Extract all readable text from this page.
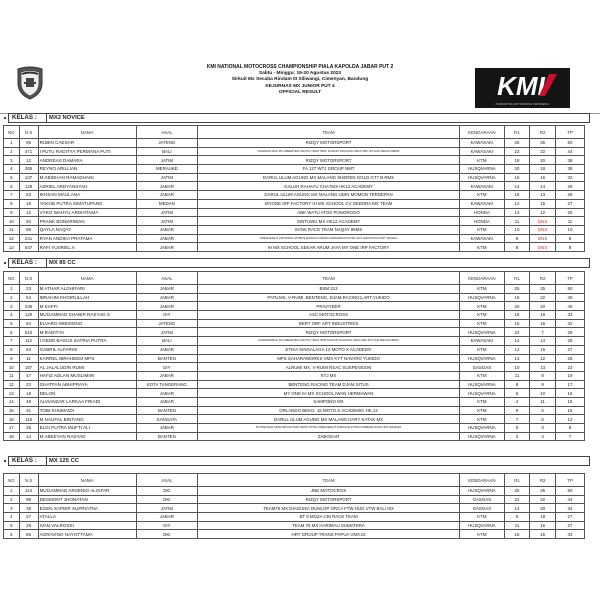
KMI NATIONAL MOTOCROSS CHAMPIONSHIP PIALA KAPOLDA JABAR PUT 2
Sabtu - Minggu: 19-20 Agustus 2023
Sirkuit Mx Secaba Rindam III Siliwangi, Cimenyan, Bandung
KEJURNAS MX JUNIOR PUT 4
OFFICIAL RESULT	KMI
KOMUNITAS MOTOCROSS INDONESIA
KELAS :	MX2 NOVICE
NO	N.S	NAMA	ASAL	TEAM	KENDARAAN	R1	R2	TP
1	86	RUBIN CAESAR	JATENG	RIZQY MOTORSPORT	KAWASAKI	25	25	50
2	471	I PUTU RADITYA PERMANA PUTI	BALI	KAWASAKI BALI MX GREENTECH MOTUL TEAM 76MX, DUNLOP DJAGUNG ORCA VMX JPX HUD MELON OBINK	KAWASAKI	22	22	44
3	12	ANDREAS DAMARA	JATIM	RIZQY MOTORSPORT	KTM	18	20	38
4	365	REYNO ARILLIAN	MERAUKE	FA 127 WTJ GROUP NMT	HUSQVARNA	20	18	38
5	137	M ABIDHAN RAMADHANI	JATIM	DARUL ULUM AGUNG MX MALANG SHEREN GOLD GT7 B RMX	HUSQVARNA	16	16	32
6	129	AZRIEL ARDYANSYAH	JABAR	GALUH RAHAYU CHA7MX HK12 ACADEMY	KAWASAKI	14	14	28
7	53	IKHSAN MAULANA	JABAR	DARUL ULUM AGUNG MX MALANG UDIN MOMON TERDEPAN	KTM	15	13	28
8	19	YAKOB PUTRA SIMATUPANG	MEDAN	MYONE IRP FACTORY IH MX SCHOOL CV DEBORA MX TEAM	KAWASAKI	12	15	27
9	12	VYKO WAHYU ARDHITAMA	JATIM	ABK WATU ATOS PONOROGO	HONDA	13	12	25
10	94	FRANK BONKRIWAN	JATIM	SINTUWU MX HK12 ACADEMY	HONDA	11	DNS	11
11	85	QAYLA NAQAY	JABAR	SVNX RACE TEAM NAQAY 85MX	KTM	10	DNS	10
12	241	RYAN ANDIKA PRATAMA	JABAR	ONESIXEIGHT 168 TRANS OTOBUS MONGGO KERSO NURHIKMAH PUTRA JAYA GROUP FACTORY RACING	KAWASAKI	9	DNS	9
13	547	RAFI YUSRIEL A	JABAR	IH MX SCHOOL SEKAR ARUM JAYA MY ONE IRP FACTORY	KTM	8	DNS	8
KELAS :	MX 85 CC
NO	N.S	NAMA	ASAL	TEAM	KENDARAAN	R1	R2	TP
1	23	M ATHAR ALGHIFARI	JABAR	BSM 313	KTM	25	25	50
2	54	IBRAHIM KHOIRULLAH	JABAR	PATILMX, V-RUMI, BENTENG, DJAM,RACING1,ART,YUKIDO	HUSQVARNA	18	22	40
3	235	M KAFFI	JABAR	PRIVATEER	KTM	20	20	40
4	120	MUGAMMAD SHABIR RASYAD S	DIY	ASC MOTOCROSS	KTM	15	18	33
5	84	ELVARO WIBISONO	JATENG	BKRT ORF ART INDUSTRIES	KTM	16	16	32
6	510	M RADITYA	JATIM	RIZQY MOTORSPORT	HUSQVARNA	22	7	29
7	112	I GEDE BAGUS SATRIA PUTRA	BALI	KAWASAKIBALI MX GREENTECH MOTUL TEAM 76MX DUNLOP DJAGUNG ORCA VMX JPX HUD MELON OBINK	KAWASAKI	14	14	28
8	64	GABRIL ALFARISI	JABAR	ETIKA SINGALAGA 12 MOTO X ACADEMY	KTM	12	15	27
9	11	KARREL IBRAHEEM MPS	BANTEN	MPS SAHARAWORKS VMX KYT NAVARO YUKIDO	HUSQVARNA	13	12	25
10	187	AL JALALUDIN RUMI	DIY	ALRUMI MX, V-RUMI RSAC SUSPENSION	GASGAS	10	13	23
11	47	HAFIZ ADLAN MUSLIMIIN	JABAR	KTJ MX	KTM	11	8	19
12	22	GHATFAN ABHIPRAYA	KOTA TANGERANG	BENTENG RACING TEAM DJAM SITUS	HUSQVARNA	8	9	17
13	18	DELON	JABAR	MY ONE IH MX SCHOOL IWAN HERMAWAN	HUSQVARNA	6	10	16
14	48	ALVIANZAR LARKAA FRIADI	JABAR	SAMPONO MX	KTM	4	11	15
15	31	TOBI KHUMAIDI	BANTEN	ORLANDO BEKO. 15 MOTO.X ACADEMIC HK,12	KTM	9	6	15
16	115	M NAUFAL BINTANG	SANGATA	DARUL ULUM AGUNG MX MALANG HARY KATAK MX	KTM	7	5	12
17	26	ELGI PUTRA MUFTI ALI	JABAR	MYONE IHMX TEAM IRP FACTORY ENZO TRT91 ONESIXEIGHT ZABOGAR 27TDM CAMBORA SVNX HUD GRAPHIX	HUSQVARNA	5	3	8
18	14	M ABEEYAN RASYAD	BANTEN	ZABOGAR	HUSQVARNA	3	4	7
KELAS :	MX 125 CC
NO	N.S	NAMA	ASAL	TEAM	KENDARAAN	R1	R2	TP
1	114	MUGAMMAD ARSENIO ALGIFAR	DKI	JNE MOTOCROS	HUSQVARNA	25	25	50
2	99	DESMONT JHONATAN	DKI	RIZQY MOTORSPORT	GASGAS	22	22	44
3	35	EGEN XAPIER SUPRIATNA	JATIM	TEAM76 MX DIAGUNG DUNLOP ORCA FTW HUD VTW BALI MX	GASGAS	14	20	34
4	27	ATALLA	JABAR	BT 9 MOZA CBI RACE TEAM	KTM	9	18	27
5	26	IVAN VALROSSI	DIY	TEAM 76 MX HARIMAU SUMATERA	HUSQVARNA	11	16	27
6	66	AGRAVINO NAYOTTAMA	DKI	HRT GROUP TRANS PAPUA VMX.ID	KTM	18	15	33
